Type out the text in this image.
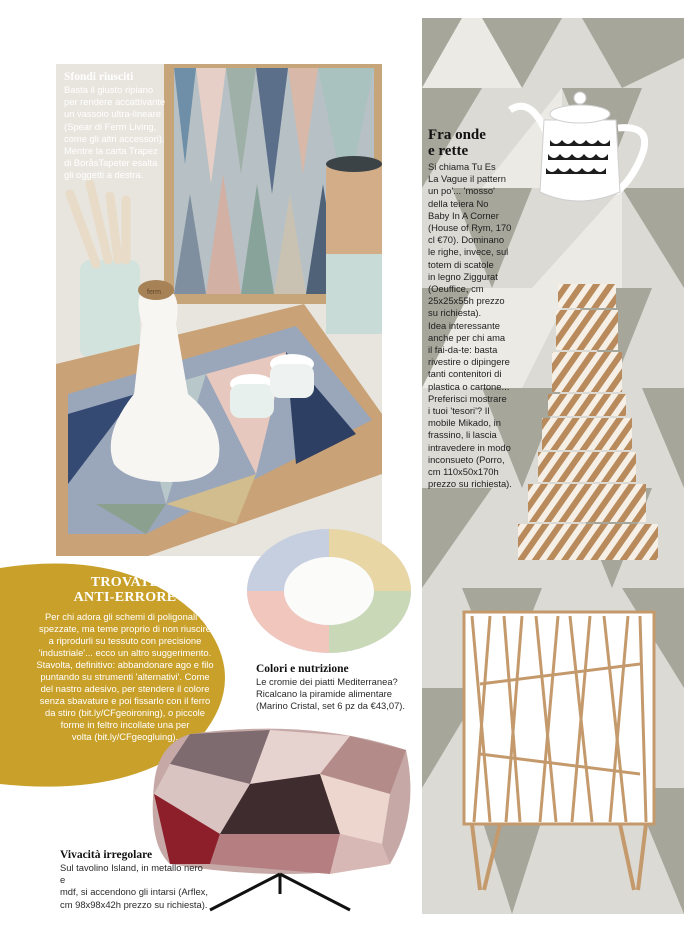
ferm
Sfondi riusciti
Basta il giusto ripiano
per rendere accattivante
un vassoio ultra-lineare
(Spear di Ferm Living,
come gli altri accessori).
Mentre la carta Trapez
di BoråsTapeter esalta
gli oggetti a destra.
Fra onde
e rette
Si chiama Tu Es
La Vague il pattern
un po'... 'mosso'
della teiera No
Baby In A Corner
(House of Rym, 170
cl €70). Dominano
le righe, invece, sul
totem di scatole
in legno Ziggurat
(Oeuffice, cm
25x25x55h prezzo
su richiesta).
Idea interessante
anche per chi ama
il fai-da-te: basta
rivestire o dipingere
tanti contenitori di
plastica o cartone...
Preferisci mostrare
i tuoi 'tesori'? Il
mobile Mikado, in
frassino, li lascia
intravedere in modo
inconsueto (Porro,
cm 110x50x170h
prezzo su richiesta).
TROVATE
ANTI-ERRORE
Per chi adora gli schemi di poligonali e
spezzate, ma teme proprio di non riuscire
a riprodurli su tessuto con precisione
'industriale'... ecco un altro suggerimento.
Stavolta, definitivo: abbandonare ago e filo
puntando su strumenti 'alternativi'. Come
del nastro adesivo, per stendere il colore
senza sbavature e poi fissarlo con il ferro
da stiro (bit.ly/CFgeoironing), o piccole
forme in feltro incollate una per
volta (bit.ly/CFgeogluing).
Colori e nutrizione
Le cromie dei piatti Mediterranea?
Ricalcano la piramide alimentare
(Marino Cristal, set 6 pz da €43,07).
Vivacità irregolare
Sul tavolino Island, in metallo nero e
mdf, si accendono gli intarsi (Arflex,
cm 98x98x42h prezzo su richiesta).
